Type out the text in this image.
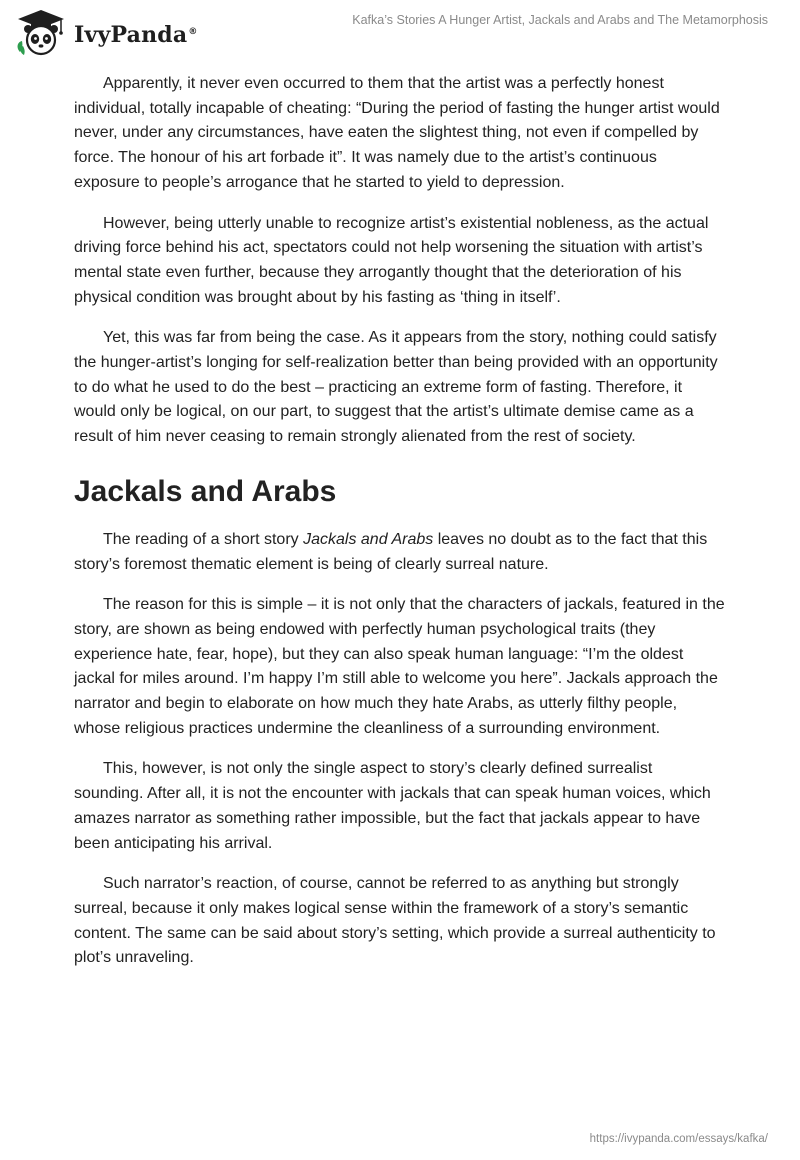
IvyPanda®
Kafka’s Stories A Hunger Artist, Jackals and Arabs and The Metamorphosis

Apparently, it never even occurred to them that the artist was a perfectly honest individual, totally incapable of cheating: “During the period of fasting the hunger artist would never, under any circumstances, have eaten the slightest thing, not even if compelled by force. The honour of his art forbade it”. It was namely due to the artist’s continuous exposure to people’s arrogance that he started to yield to depression.

However, being utterly unable to recognize artist’s existential nobleness, as the actual driving force behind his act, spectators could not help worsening the situation with artist’s mental state even further, because they arrogantly thought that the deterioration of his physical condition was brought about by his fasting as ‘thing in itself’.

Yet, this was far from being the case. As it appears from the story, nothing could satisfy the hunger-artist’s longing for self-realization better than being provided with an opportunity to do what he used to do the best – practicing an extreme form of fasting. Therefore, it would only be logical, on our part, to suggest that the artist’s ultimate demise came as a result of him never ceasing to remain strongly alienated from the rest of society.

Jackals and Arabs

The reading of a short story Jackals and Arabs leaves no doubt as to the fact that this story’s foremost thematic element is being of clearly surreal nature.

The reason for this is simple – it is not only that the characters of jackals, featured in the story, are shown as being endowed with perfectly human psychological traits (they experience hate, fear, hope), but they can also speak human language: “I’m the oldest jackal for miles around. I’m happy I’m still able to welcome you here”. Jackals approach the narrator and begin to elaborate on how much they hate Arabs, as utterly filthy people, whose religious practices undermine the cleanliness of a surrounding environment.

This, however, is not only the single aspect to story’s clearly defined surrealist sounding. After all, it is not the encounter with jackals that can speak human voices, which amazes narrator as something rather impossible, but the fact that jackals appear to have been anticipating his arrival.

Such narrator’s reaction, of course, cannot be referred to as anything but strongly surreal, because it only makes logical sense within the framework of a story’s semantic content. The same can be said about story’s setting, which provide a surreal authenticity to plot’s unraveling.

https://ivypanda.com/essays/kafka/
